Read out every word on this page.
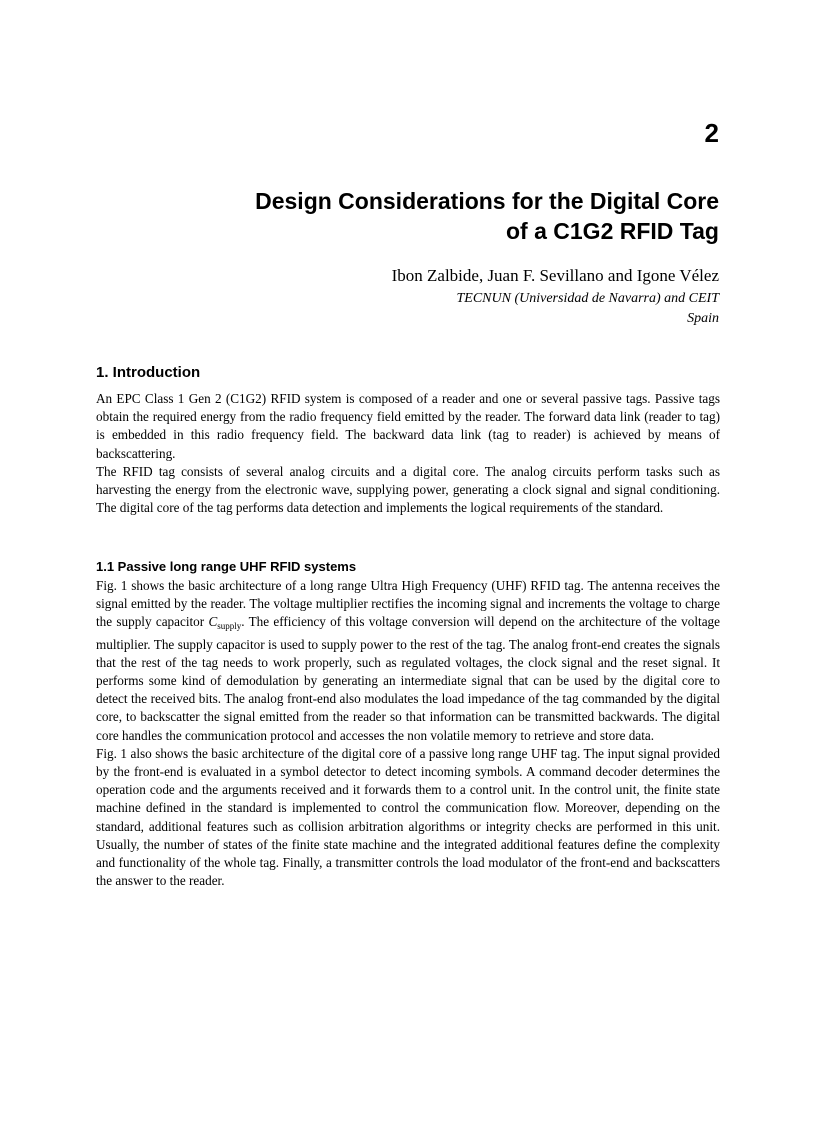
2
Design Considerations for the Digital Core
of a C1G2 RFID Tag
Ibon Zalbide, Juan F. Sevillano and Igone Vélez
TECNUN (Universidad de Navarra) and CEIT
Spain
1. Introduction

An EPC Class 1 Gen 2 (C1G2) RFID system is composed of a reader and one or several passive tags. Passive tags obtain the required energy from the radio frequency field emitted by the reader. The forward data link (reader to tag) is embedded in this radio frequency field. The backward data link (tag to reader) is achieved by means of backscattering.

The RFID tag consists of several analog circuits and a digital core. The analog circuits perform tasks such as harvesting the energy from the electronic wave, supplying power, generating a clock signal and signal conditioning. The digital core of the tag performs data detection and implements the logical requirements of the standard.

1.1 Passive long range UHF RFID systems

Fig. 1 shows the basic architecture of a long range Ultra High Frequency (UHF) RFID tag. The antenna receives the signal emitted by the reader. The voltage multiplier rectifies the incoming signal and increments the voltage to charge the supply capacitor $C_{supply}$. The efficiency of this voltage conversion will depend on the architecture of the voltage multiplier. The supply capacitor is used to supply power to the rest of the tag. The analog front-end creates the signals that the rest of the tag needs to work properly, such as regulated voltages, the clock signal and the reset signal. It performs some kind of demodulation by generating an intermediate signal that can be used by the digital core to detect the received bits. The analog front-end also modulates the load impedance of the tag commanded by the digital core, to backscatter the signal emitted from the reader so that information can be transmitted backwards. The digital core handles the communication protocol and accesses the non volatile memory to retrieve and store data.

Fig. 1 also shows the basic architecture of the digital core of a passive long range UHF tag. The input signal provided by the front-end is evaluated in a symbol detector to detect incoming symbols. A command decoder determines the operation code and the arguments received and it forwards them to a control unit. In the control unit, the finite state machine defined in the standard is implemented to control the communication flow. Moreover, depending on the standard, additional features such as collision arbitration algorithms or integrity checks are performed in this unit. Usually, the number of states of the finite state machine and the integrated additional features define the complexity and functionality of the whole tag. Finally, a transmitter controls the load modulator of the front-end and backscatters the answer to the reader.
